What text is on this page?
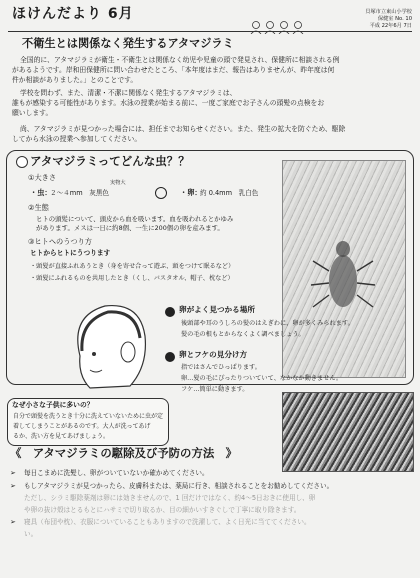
ほけんだより 6月	貝塚市立東山小学校
保健室 No. 10
平成 22年6月 7日
不衛生とは関係なく発生するアタマジラミ
全国的に、アタマジラミが衛生・不衛生とは関係なく幼児や児童の頭で発見され、保健所に相談される例
があるようです。岸和田保健所に問い合わせたところ、「本年度はまだ、報告はありませんが、昨年度は何
件か相談がありました。」とのことです。
学校を問わず、また、清潔・不潔に関係なく発生するアタマジラミは、
誰もが感染する可能性があります。水泳の授業が始まる前に、一度ご家庭でお子さんの頭髪の点検をお
願いします。
尚、アタマジラミが見つかった場合には、担任までお知らせください。また、発生の拡大を防ぐため、駆除
してから水泳の授業へ参加してください。
アタマジラミってどんな虫？？
①大きさ
・虫：
２～４mm　灰黒色
実物大
・卵：
約 0.4mm　乳白色
②生態
ヒトの頭髪について、頭皮から血を吸います。血を吸われるとかゆみ
があります。メスは一日に約8個、一生に200個の卵を産みます。
③ヒトへのうつり方
ヒトからヒトにうつります
・頭髪が直接ふれあうとき（身を寄せ合って遊ぶ、頭をつけて眠るなど）
・頭髪にふれるものを共用したとき（くし、バスタオル、帽子、枕など）
卵がよく見つかる場所
後頭部や耳のうしろの髪のはえぎわに、卵が多くみられます。
髪の毛の根もとからなくよく調べましょう。
卵とフケの見分け方
指ではさんでひっぱります。
卵…髪の毛にぴったりついていて、なかなか動きません。
フケ…簡単に動きます。
なぜ小さな子供に多いの？
自分で頭髪を洗うとき十分に洗えていないために虫が定
着してしまうことがあるのです。大人が洗ってあげ
るか、洗い方を見てあげましょう。
《　アタマジラミの駆除及び予防の方法　》
➢ 毎日こまめに洗髪し、卵がついていないか確かめてください。
➢ もしアタマジラミが見つかったら、皮膚科または、薬局に行き、相談されることをお勧めしてください。
ただし、シラミ駆除薬剤は卵には効きませんので、1 回だけではなく、約4～5日おきに使用し、卵
や卵の抜け殻はとるもとにハサミで切り取るか、目の細かいすきぐしで丁寧に取り除きます。
➢ 寝具（布団や枕）、衣服についていることもありますので洗濯して、よく日光に当ててください。
い。
